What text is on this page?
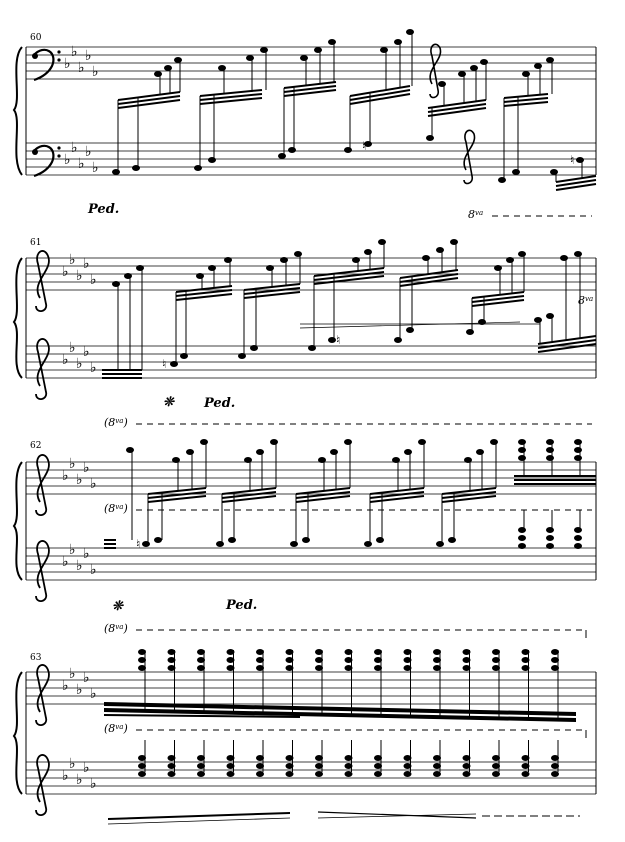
60
♭
♭
♭
♭
♭
♭
♭
♭
♭
♭
♮
♮
Ped.	$8^{va}$
61
♭
♭
♭
♭
♭
♭
♭
♭
♭
♭	♮
♮
$8^{va}$
❊ Ped.
$(8^{va})$
62
♭
♭
♭
♭
♭
♭
♭
♭
♭
♭
♮
$(8^{va})$
❊	Ped.
$(8^{va})$
63
♭
♭
♭
♭
♭
♭
♭
♭
♭
♭
$(8^{va})$
